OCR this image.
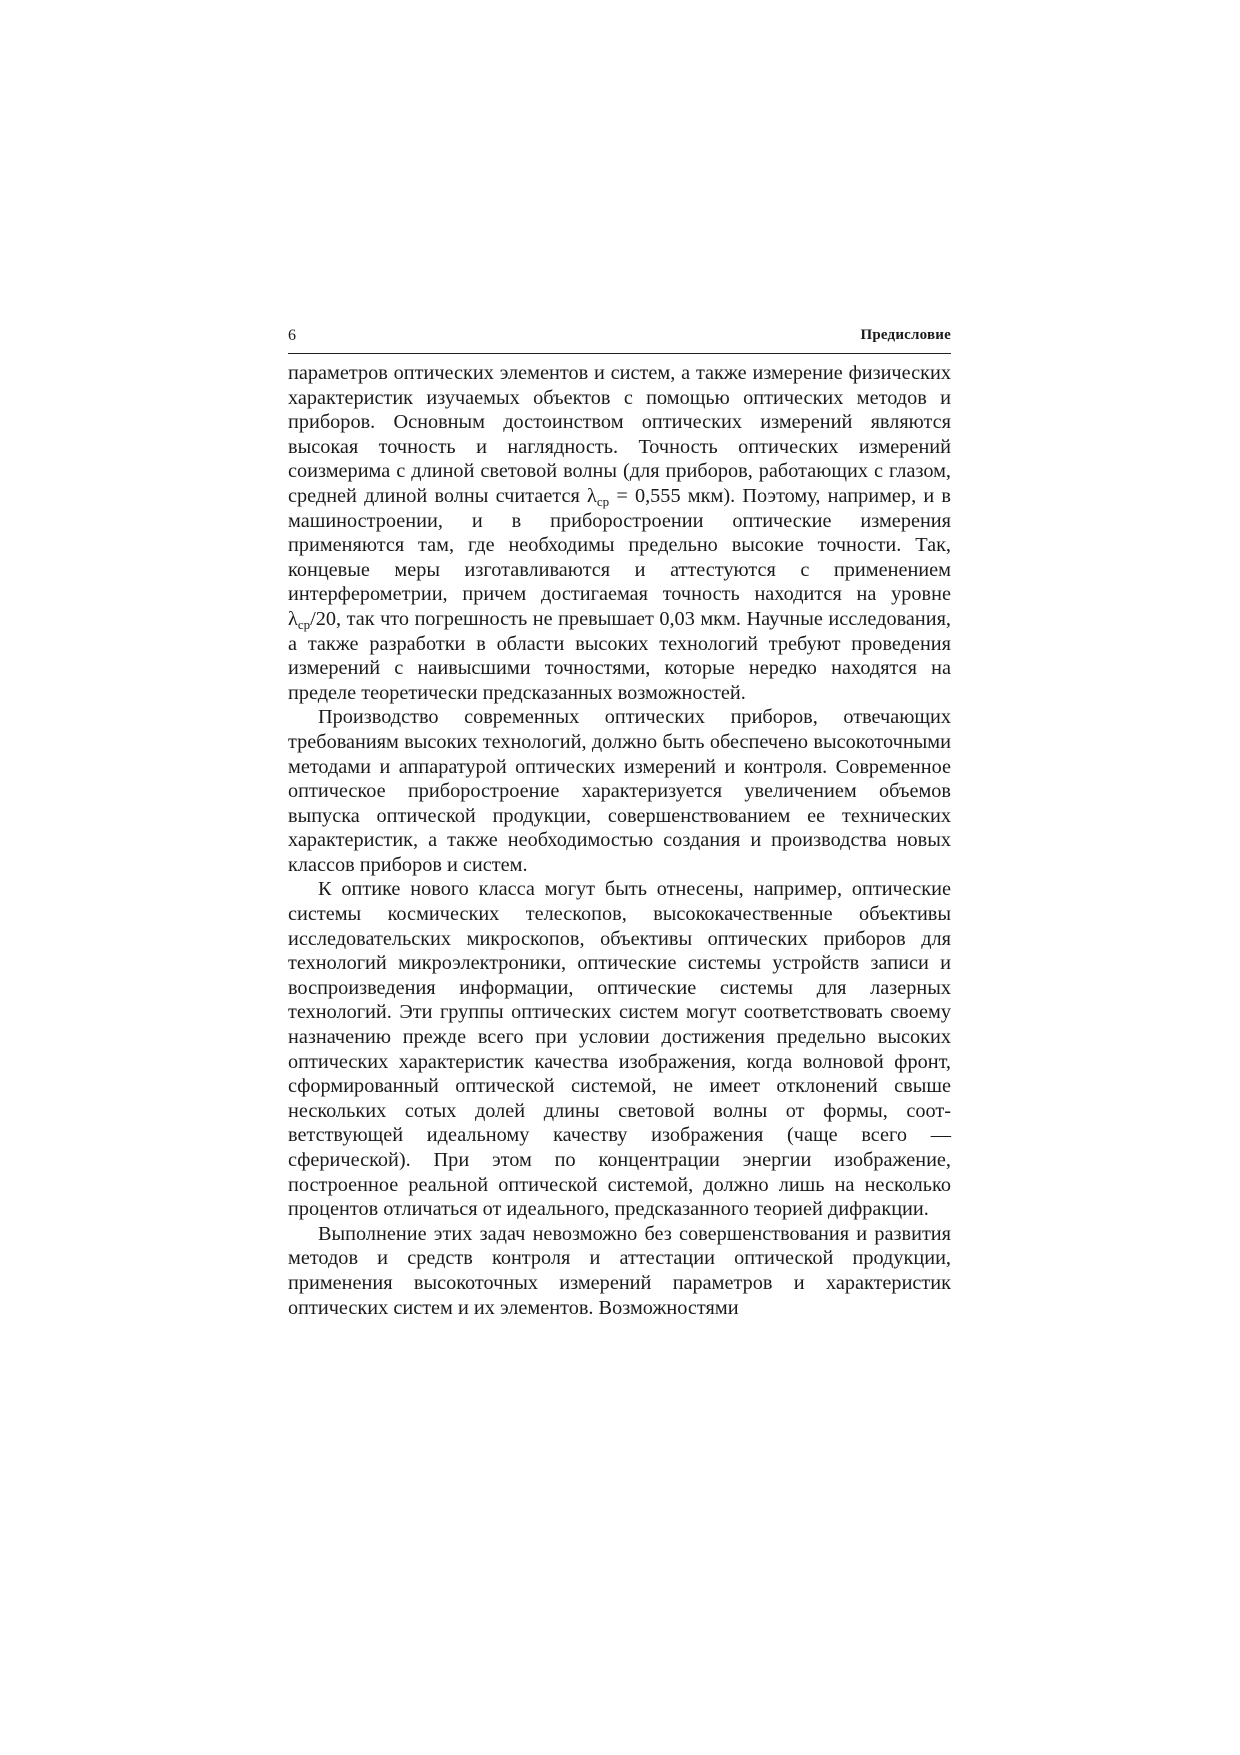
6	Предисловие

параметров оптических элементов и систем, а также измерение физических характеристик изучаемых объектов с помощью оптических методов и приборов. Основным достоинством оптических измерений являются высокая точность и наглядность. Точность оптических измерений соизмерима с длиной световой волны (для приборов, работающих с глазом, средней длиной волны считается $\lambda_{ср} = 0,555$ мкм). Поэтому, например, и в машиностроении, и в приборостроении оптические измерения применяются там, где необходимы предельно высокие точности. Так, концевые меры изготавливаются и аттестуются с применением интерферометрии, причем достигаемая точность находится на уровне $\lambda_{ср}/20$, так что погрешность не превышает 0,03 мкм. Научные исследования, а также разработки в области высоких технологий требуют проведения измерений с наивысшими точностями, которые нередко находятся на пределе теоретически предсказанных возможностей.

Производство современных оптических приборов, отвечающих требованиям высоких технологий, должно быть обеспечено высокоточными методами и аппаратурой оптических измерений и контроля. Современное оптическое приборостроение характеризуется увеличением объемов выпуска оптической продукции, совершенствованием ее технических характеристик, а также необходимостью создания и производства новых классов приборов и систем.

К оптике нового класса могут быть отнесены, например, оптические системы космических телескопов, высококачественные объективы исследовательских микроскопов, объективы оптических приборов для технологий микроэлектроники, оптические системы устройств записи и воспроизведения информации, оптические системы для лазерных технологий. Эти группы оптических систем могут соответствовать своему назначению прежде всего при условии достижения предельно высоких оптических характеристик качества изображения, когда волновой фронт, сформированный оптической системой, не имеет отклонений свыше нескольких сотых долей длины световой волны от формы, соответствующей идеальному качеству изображения (чаще всего — сферической). При этом по концентрации энергии изображение, построенное реальной оптической системой, должно лишь на несколько процентов отличаться от идеального, предсказанного теорией дифракции.

Выполнение этих задач невозможно без совершенствования и развития методов и средств контроля и аттестации оптической продукции, применения высокоточных измерений параметров и характеристик оптических систем и их элементов. Возможностями
